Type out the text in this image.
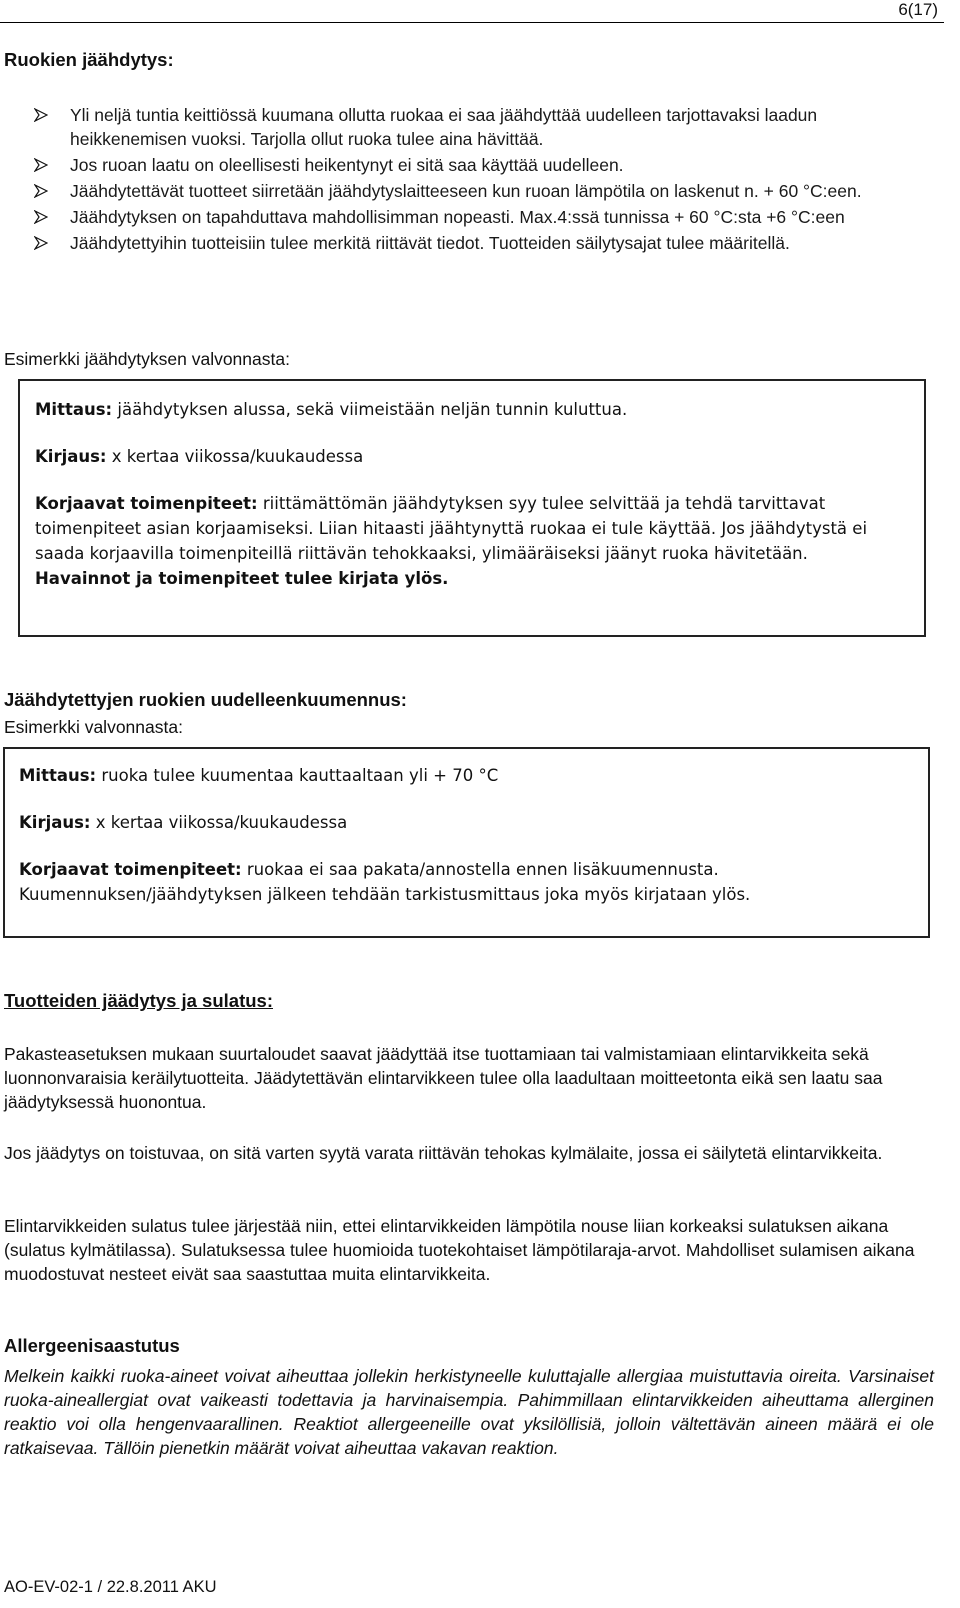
6(17)
Ruokien jäähdytys:
Yli neljä tuntia keittiössä kuumana ollutta ruokaa ei saa jäähdyttää uudelleen tarjottavaksi laadun heikkenemisen vuoksi. Tarjolla ollut ruoka tulee aina hävittää.
Jos ruoan laatu on oleellisesti heikentynyt ei sitä saa käyttää uudelleen.
Jäähdytettävät tuotteet siirretään jäähdytyslaitteeseen kun ruoan lämpötila on laskenut n. + 60 °C:een.
Jäähdytyksen on tapahduttava mahdollisimman nopeasti. Max.4:ssä tunnissa + 60 °C:sta +6 °C:een
Jäähdytettyihin tuotteisiin tulee merkitä riittävät tiedot. Tuotteiden säilytysajat tulee määritellä.
Esimerkki jäähdytyksen valvonnasta:

Mittaus: jäähdytyksen alussa, sekä viimeistään neljän tunnin kuluttua.

Kirjaus: x kertaa viikossa/kuukaudessa

Korjaavat toimenpiteet: riittämättömän jäähdytyksen syy tulee selvittää ja tehdä tarvittavat toimenpiteet asian korjaamiseksi. Liian hitaasti jäähtynyttä ruokaa ei tule käyttää. Jos jäähdytystä ei saada korjaavilla toimenpiteillä riittävän tehokkaaksi, ylimääräiseksi jäänyt ruoka hävitetään.

Havainnot ja toimenpiteet tulee kirjata ylös.

Jäähdytettyjen ruokien uudelleenkuumennus:
Esimerkki valvonnasta:

Mittaus: ruoka tulee kuumentaa kauttaaltaan yli + 70 °C

Kirjaus: x kertaa viikossa/kuukaudessa

Korjaavat toimenpiteet: ruokaa ei saa pakata/annostella ennen lisäkuumennusta. Kuumennuksen/jäähdytyksen jälkeen tehdään tarkistusmittaus joka myös kirjataan ylös.

Tuotteiden jäädytys ja sulatus:

Pakasteasetuksen mukaan suurtaloudet saavat jäädyttää itse tuottamiaan tai valmistamiaan elintarvikkeita sekä luonnonvaraisia keräilytuotteita. Jäädytettävän elintarvikkeen tulee olla laadultaan moitteetonta eikä sen laatu saa jäädytyksessä huonontua.

Jos jäädytys on toistuvaa, on sitä varten syytä varata riittävän tehokas kylmälaite, jossa ei säilytetä elintarvikkeita.

Elintarvikkeiden sulatus tulee järjestää niin, ettei elintarvikkeiden lämpötila nouse liian korkeaksi sulatuksen aikana (sulatus kylmätilassa). Sulatuksessa tulee huomioida tuotekohtaiset lämpötilaraja-arvot. Mahdolliset sulamisen aikana muodostuvat nesteet eivät saa saastuttaa muita elintarvikkeita.

Allergeenisaastutus

Melkein kaikki ruoka-aineet voivat aiheuttaa jollekin herkistyneelle kuluttajalle allergiaa muistuttavia oireita. Varsinaiset ruoka-aineallergiat ovat vaikeasti todettavia ja harvinaisempia. Pahimmillaan elintarvikkeiden aiheuttama allerginen reaktio voi olla hengenvaarallinen. Reaktiot allergeeneille ovat yksilöllisiä, jolloin vältettävän aineen määrä ei ole ratkaisevaa. Tällöin pienetkin määrät voivat aiheuttaa vakavan reaktion.

AO-EV-02-1 / 22.8.2011 AKU
